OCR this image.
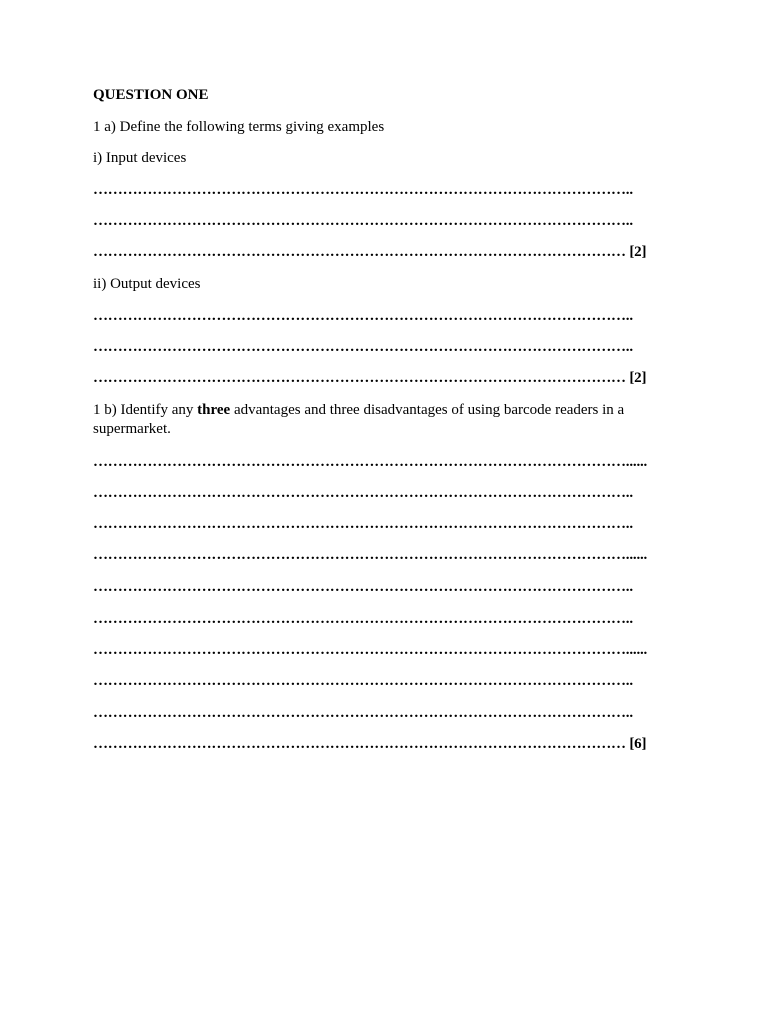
QUESTION ONE
1 a) Define the following terms giving examples
i) Input devices
………………………………………………………………………………………………..
………………………………………………………………………………………………..
……………………………………………………………………………………………… [2]
ii) Output devices
………………………………………………………………………………………………..
………………………………………………………………………………………………..
……………………………………………………………………………………………… [2]
1 b) Identify any three advantages and three disadvantages of using barcode readers in a supermarket.
………………………………………………………………………………………………......
………………………………………………………………………………………………..
………………………………………………………………………………………………..
………………………………………………………………………………………………......
………………………………………………………………………………………………..
………………………………………………………………………………………………..
………………………………………………………………………………………………......
………………………………………………………………………………………………..
………………………………………………………………………………………………..
……………………………………………………………………………………………… [6]
